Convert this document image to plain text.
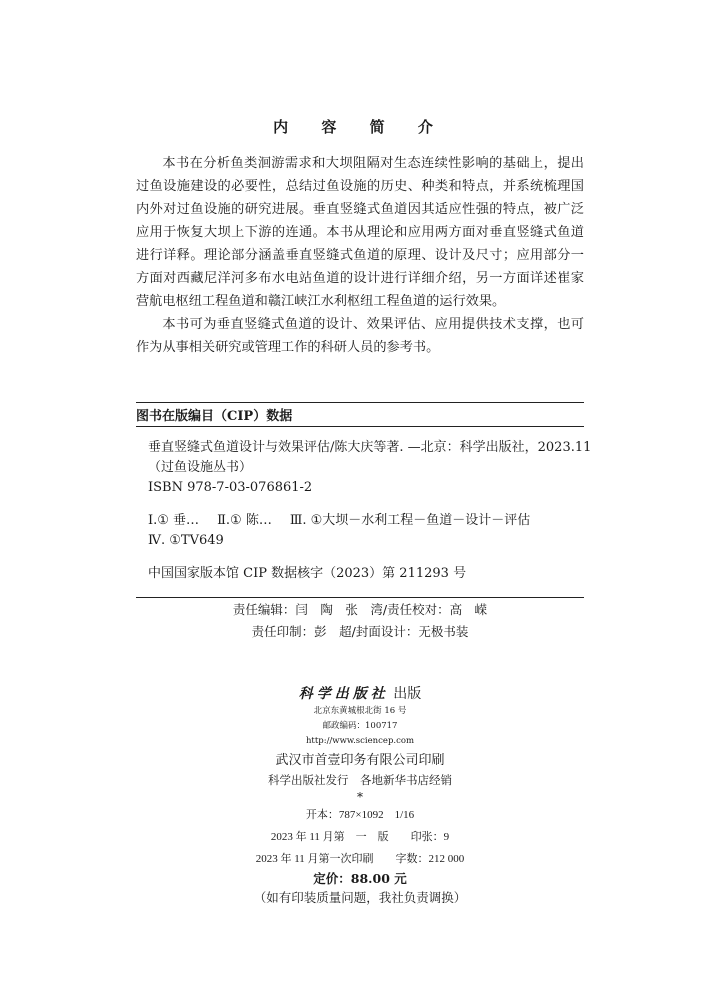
内 容 简 介

本书在分析鱼类洄游需求和大坝阻隔对生态连续性影响的基础上，提出过鱼设施建设的必要性，总结过鱼设施的历史、种类和特点，并系统梳理国内外对过鱼设施的研究进展。垂直竖缝式鱼道因其适应性强的特点，被广泛应用于恢复大坝上下游的连通。本书从理论和应用两方面对垂直竖缝式鱼道进行详释。理论部分涵盖垂直竖缝式鱼道的原理、设计及尺寸；应用部分一方面对西藏尼洋河多布水电站鱼道的设计进行详细介绍，另一方面详述崔家营航电枢纽工程鱼道和赣江峡江水利枢纽工程鱼道的运行效果。

本书可为垂直竖缝式鱼道的设计、效果评估、应用提供技术支撑，也可作为从事相关研究或管理工作的科研人员的参考书。

图书在版编目（CIP）数据
垂直竖缝式鱼道设计与效果评估/陈大庆等著. —北京：科学出版社，2023.11
（过鱼设施丛书）
ISBN 978-7-03-076861-2
Ⅰ.① 垂… Ⅱ.① 陈… Ⅲ. ①大坝－水利工程－鱼道－设计－评估
Ⅳ. ①TV649
中国国家版本馆 CIP 数据核字（2023）第 211293 号
责任编辑：闫　陶　张　湾/责任校对：高　嵘
责任印制：彭　超/封面设计：无极书装
科学出版社 出版
北京东黄城根北街 16 号
邮政编码：100717
http://www.sciencep.com
武汉市首壹印务有限公司印刷
科学出版社发行　各地新华书店经销
*
开本：787×1092　1/16
2023 年 11 月第　一　版　　印张：9
2023 年 11 月第一次印刷　　字数：212 000
定价：88.00 元
（如有印装质量问题，我社负责调换）
